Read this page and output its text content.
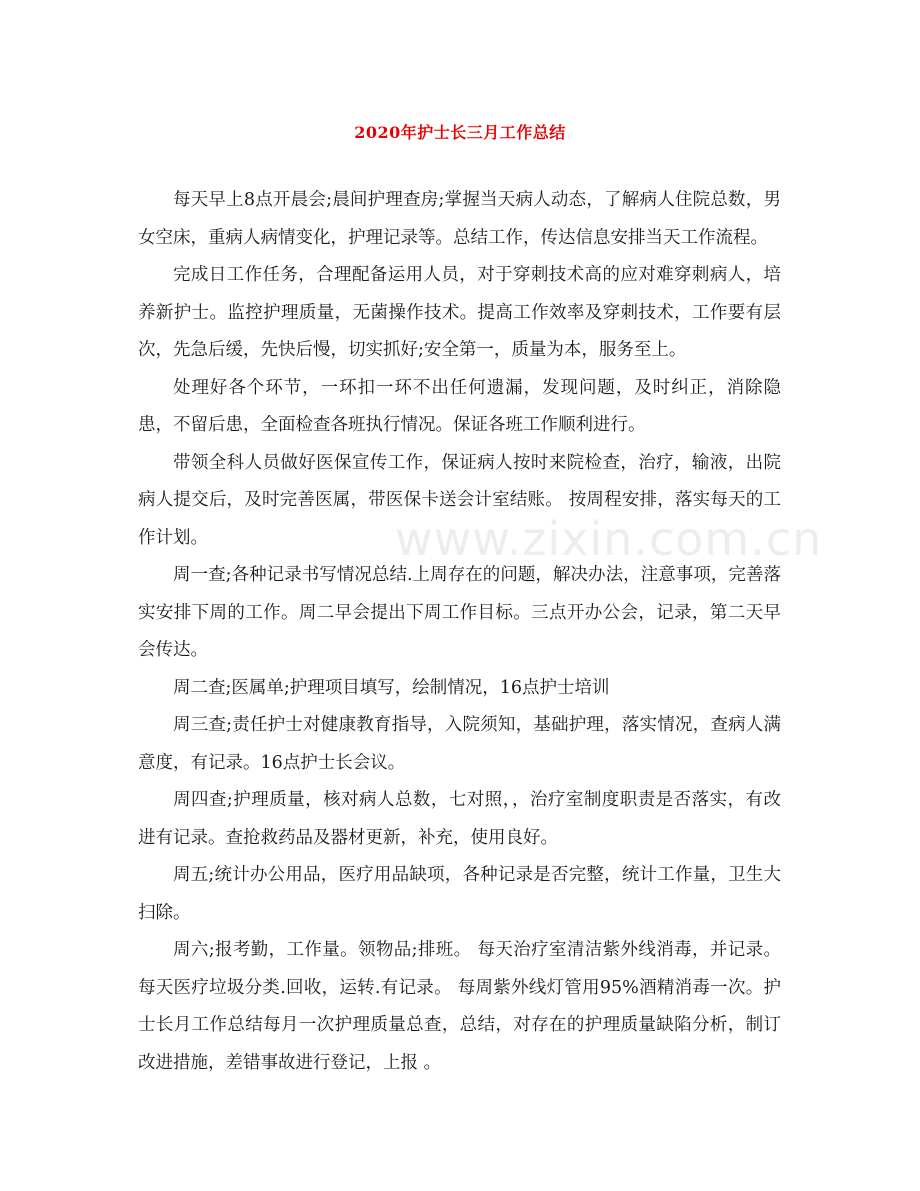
2020年护士长三月工作总结

每天早上8点开晨会;晨间护理查房;掌握当天病人动态，了解病人住院总数，男女空床，重病人病情变化，护理记录等。总结工作，传达信息安排当天工作流程。

完成日工作任务，合理配备运用人员，对于穿刺技术高的应对难穿刺病人，培养新护士。监控护理质量，无菌操作技术。提高工作效率及穿刺技术，工作要有层次，先急后缓，先快后慢，切实抓好;安全第一，质量为本，服务至上。

处理好各个环节，一环扣一环不出任何遗漏，发现问题，及时纠正，消除隐患，不留后患，全面检查各班执行情况。保证各班工作顺利进行。

带领全科人员做好医保宣传工作，保证病人按时来院检查，治疗，输液，出院病人提交后，及时完善医属，带医保卡送会计室结账。 按周程安排，落实每天的工作计划。

周一查;各种记录书写情况总结.上周存在的问题，解决办法，注意事项，完善落实安排下周的工作。周二早会提出下周工作目标。三点开办公会，记录，第二天早会传达。

周二查;医属单;护理项目填写，绘制情况，16点护士培训

周三查;责任护士对健康教育指导，入院须知，基础护理，落实情况，查病人满意度，有记录。16点护士长会议。

周四查;护理质量，核对病人总数，七对照，，治疗室制度职责是否落实，有改进有记录。查抢救药品及器材更新，补充，使用良好。

周五;统计办公用品，医疗用品缺项，各种记录是否完整，统计工作量，卫生大扫除。

周六;报考勤，工作量。领物品;排班。 每天治疗室清洁紫外线消毒，并记录。 每天医疗垃圾分类.回收，运转.有记录。 每周紫外线灯管用95%酒精消毒一次。护士长月工作总结每月一次护理质量总查，总结，对存在的护理质量缺陷分析，制订改进措施，差错事故进行登记，上报 。

www.zixin.com.cn
